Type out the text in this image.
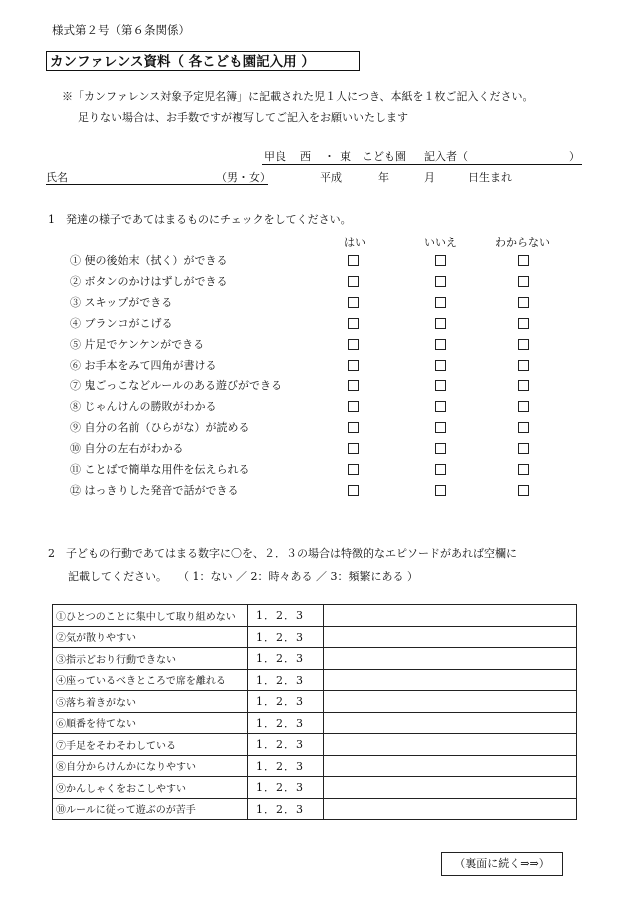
様式第２号（第６条関係）
カンファレンス資料（ 各こども園記入用 ）
※「カンファレンス対象予定児名簿」に記載された児１人につき、本紙を１枚ご記入ください。
足りない場合は、お手数ですが複写してご記入をお願いいたします
甲良 西 ・ 東 こども園 記入者（	）
氏名	（男・女）	平成	年	月	日生まれ
1　発達の様子であてはまるものにチェックをしてください。
はい	いいえ	わからない
① 便の後始末（拭く）ができる
② ボタンのかけはずしができる
③ スキップができる
④ ブランコがこげる
⑤ 片足でケンケンができる
⑥ お手本をみて四角が書ける
⑦ 鬼ごっこなどルールのある遊びができる
⑧ じゃんけんの勝敗がわかる
⑨ 自分の名前（ひらがな）が読める
⑩ 自分の左右がわかる
⑪ ことばで簡単な用件を伝えられる
⑫ はっきりした発音で話ができる
2　子どもの行動であてはまる数字に〇を、２．３の場合は特徴的なエピソードがあれば空欄に
記載してください。　　（ 1：ない ／ 2：時々ある ／ 3：頻繁にある ）
①ひとつのことに集中して取り組めない	1．2．3	
②気が散りやすい	1．2．3	
③指示どおり行動できない	1．2．3	
④座っているべきところで席を離れる	1．2．3	
⑤落ち着きがない	1．2．3	
⑥順番を待てない	1．2．3	
⑦手足をそわそわしている	1．2．3	
⑧自分からけんかになりやすい	1．2．3	
⑨かんしゃくをおこしやすい	1．2．3	
⑩ルールに従って遊ぶのが苦手	1．2．3	
（裏面に続く⇒⇒）
